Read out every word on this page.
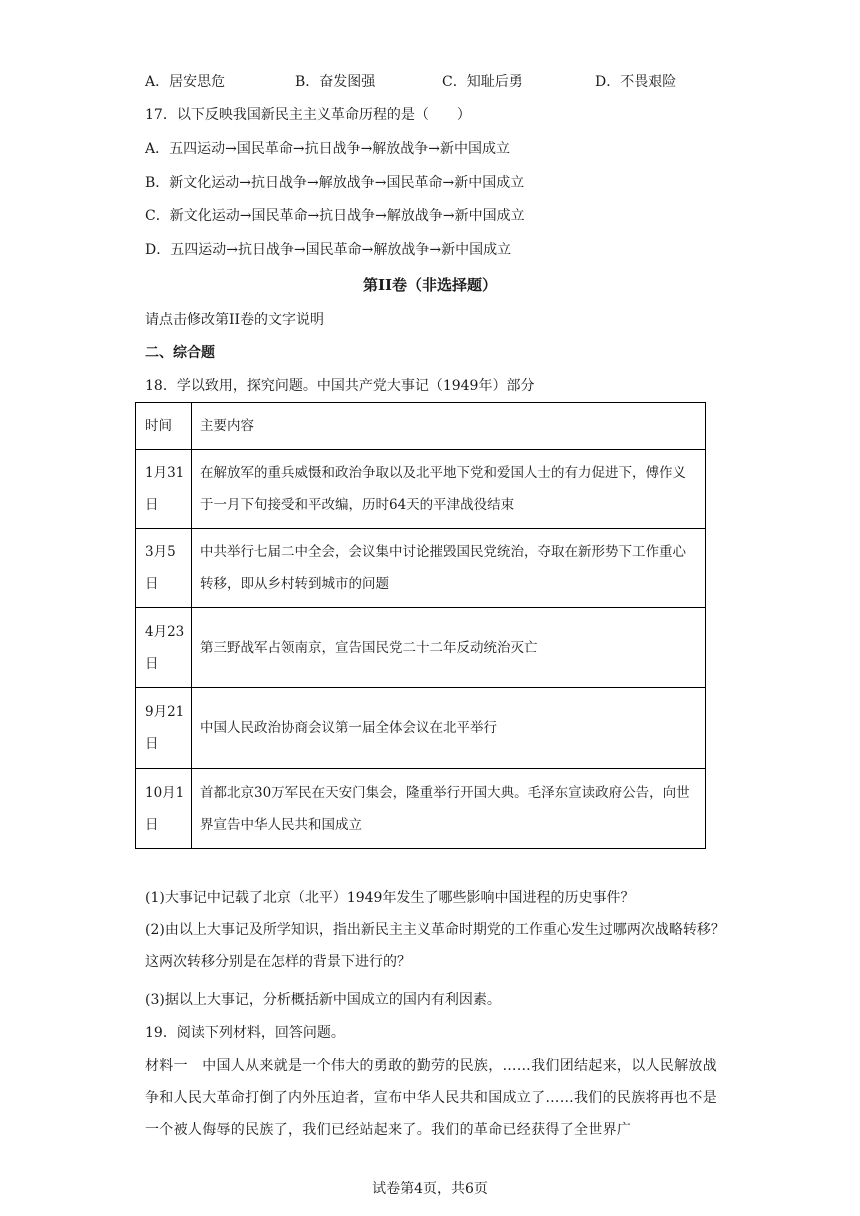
A．居安思危	B．奋发图强	C．知耻后勇	D．不畏艰险
17．以下反映我国新民主主义革命历程的是（　　）
A．五四运动→国民革命→抗日战争→解放战争→新中国成立
B．新文化运动→抗日战争→解放战争→国民革命→新中国成立
C．新文化运动→国民革命→抗日战争→解放战争→新中国成立
D．五四运动→抗日战争→国民革命→解放战争→新中国成立
第II卷（非选择题）
请点击修改第II卷的文字说明
二、综合题
18．学以致用，探究问题。中国共产党大事记（1949年）部分
时间	主要内容
1月31日	在解放军的重兵威慑和政治争取以及北平地下党和爱国人士的有力促进下，傅作义于一月下旬接受和平改编，历时64天的平津战役结束
3月5日	中共举行七届二中全会，会议集中讨论摧毁国民党统治，夺取在新形势下工作重心转移，即从乡村转到城市的问题
4月23日	第三野战军占领南京，宣告国民党二十二年反动统治灭亡
9月21日	中国人民政治协商会议第一届全体会议在北平举行
10月1日	首都北京30万军民在天安门集会，隆重举行开国大典。毛泽东宣读政府公告，向世界宣告中华人民共和国成立
(1)大事记中记载了北京（北平）1949年发生了哪些影响中国进程的历史事件？
(2)由以上大事记及所学知识，指出新民主主义革命时期党的工作重心发生过哪两次战略转移？这两次转移分别是在怎样的背景下进行的？
(3)据以上大事记，分析概括新中国成立的国内有利因素。
19．阅读下列材料，回答问题。
材料一　中国人从来就是一个伟大的勇敢的勤劳的民族，……我们团结起来，以人民解放战争和人民大革命打倒了内外压迫者，宣布中华人民共和国成立了……我们的民族将再也不是一个被人侮辱的民族了，我们已经站起来了。我们的革命已经获得了全世界广
试卷第4页，共6页
